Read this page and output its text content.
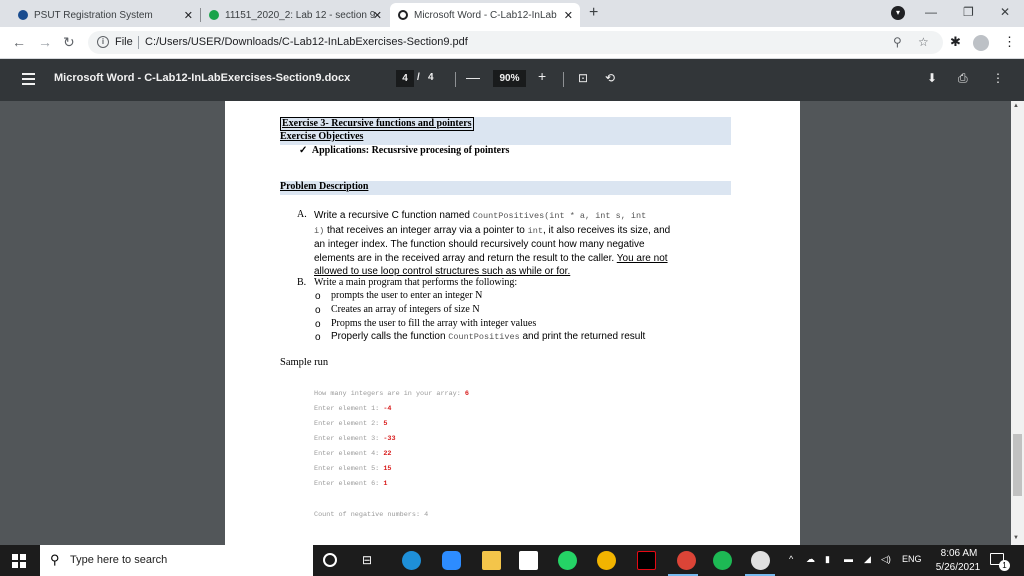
PSUT Registration System	✕	11151_2020_2: Lab 12 - section 9
✕	Microsoft Word - C-Lab12-InLab ✕ +	▾	— ❐ ✕
← → ↻	i File C:/Users/USER/Downloads/C-Lab12-InLabExercises-Section9.pdf	⚲ ☆ ✱	⋮
Microsoft Word - C-Lab12-InLabExercises-Section9.docx	4 / 4 —	90%	+	⊡ ⟲	⬇ ⎙ ⋮
Exercise 3- Recursive functions and pointers
Exercise Objectives
✓ Applications: Recusrsive procesing of pointers
Problem Description
A. Write a recursive C function named CountPositives(int * a, int s, int
i) that receives an integer array via a pointer to int, it also receives its size, and
an integer index. The function should recursively count how many negative
elements are in the received array and return the result to the caller. You are not
allowed to use loop control structures such as while or for.
B. Write a main program that performs the following:
o prompts the user to enter an integer N
o Creates an array of integers of size N
o Propms the user to fill the array with integer values
o Properly calls the function CountPositives and print the returned result
Sample run
How many integers are in your array: 6
Enter element 1: -4
Enter element 2: 5
Enter element 3: -33
Enter element 4: 22
Enter element 5: 15
Enter element 6: 1
Count of negative numbers: 4
▲
▼
⚲ Type here to search	⊟	^ ☁ ▮ ▬ ◢ ◁) ENG	8:06 AM
5/26/2021	1
